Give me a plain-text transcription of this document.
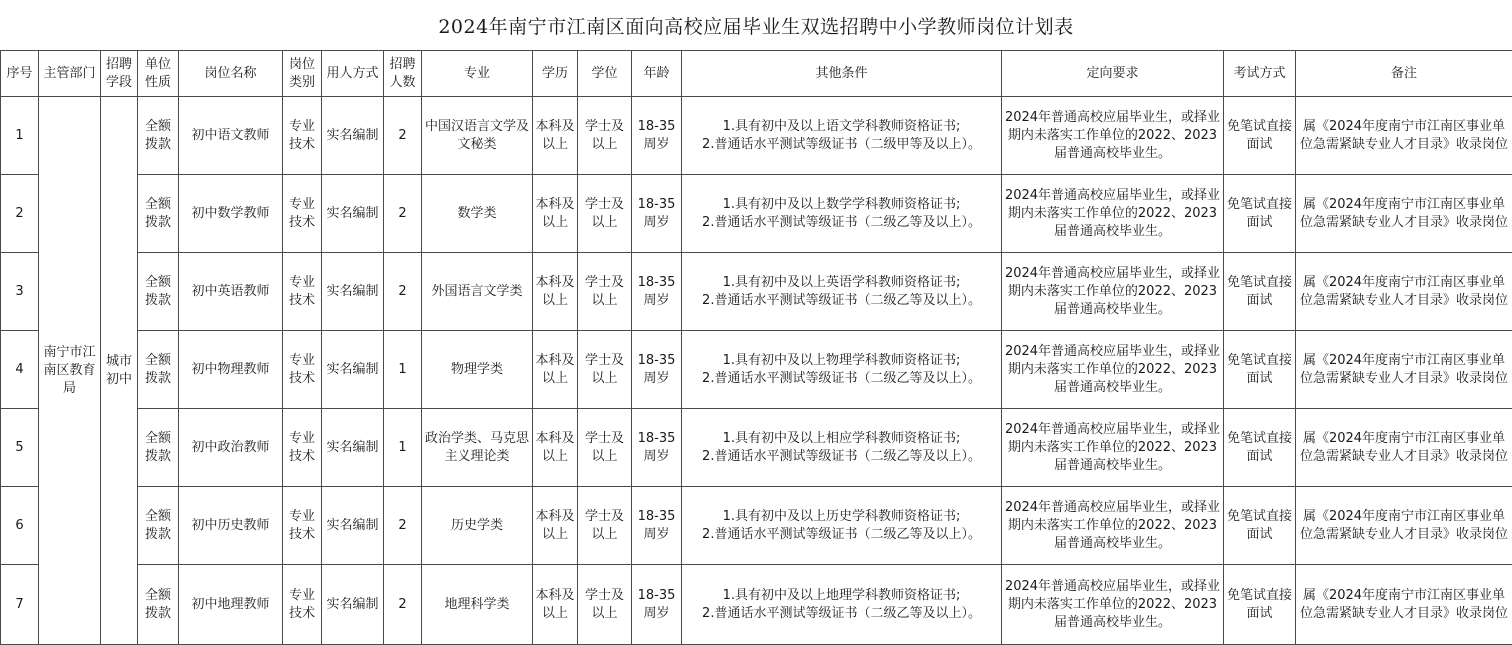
2024年南宁市江南区面向高校应届毕业生双选招聘中小学教师岗位计划表
序号	主管部门	招聘学段	单位性质	岗位名称	岗位类别	用人方式	招聘人数	专业	学历	学位	年龄	其他条件	定向要求	考试方式	备注
1	南宁市江南区教育局	城市初中	全额拨款	初中语文教师	专业技术	实名编制	2	中国汉语言文学及文秘类	本科及以上	学士及以上	18-35周岁	1.具有初中及以上语文学科教师资格证书;
2.普通话水平测试等级证书（二级甲等及以上）。	2024年普通高校应届毕业生，或择业期内未落实工作单位的2022、2023届普通高校毕业生。	免笔试直接面试	属《2024年度南宁市江南区事业单位急需紧缺专业人才目录》收录岗位
2			全额拨款	初中数学教师	专业技术	实名编制	2	数学类	本科及以上	学士及以上	18-35周岁	1.具有初中及以上数学学科教师资格证书;
2.普通话水平测试等级证书（二级乙等及以上）。	2024年普通高校应届毕业生，或择业期内未落实工作单位的2022、2023届普通高校毕业生。	免笔试直接面试	属《2024年度南宁市江南区事业单位急需紧缺专业人才目录》收录岗位
3			全额拨款	初中英语教师	专业技术	实名编制	2	外国语言文学类	本科及以上	学士及以上	18-35周岁	1.具有初中及以上英语学科教师资格证书;
2.普通话水平测试等级证书（二级乙等及以上）。	2024年普通高校应届毕业生，或择业期内未落实工作单位的2022、2023届普通高校毕业生。	免笔试直接面试	属《2024年度南宁市江南区事业单位急需紧缺专业人才目录》收录岗位
4			全额拨款	初中物理教师	专业技术	实名编制	1	物理学类	本科及以上	学士及以上	18-35周岁	1.具有初中及以上物理学科教师资格证书;
2.普通话水平测试等级证书（二级乙等及以上）。	2024年普通高校应届毕业生，或择业期内未落实工作单位的2022、2023届普通高校毕业生。	免笔试直接面试	属《2024年度南宁市江南区事业单位急需紧缺专业人才目录》收录岗位
5			全额拨款	初中政治教师	专业技术	实名编制	1	政治学类、马克思主义理论类	本科及以上	学士及以上	18-35周岁	1.具有初中及以上相应学科教师资格证书;
2.普通话水平测试等级证书（二级乙等及以上）。	2024年普通高校应届毕业生，或择业期内未落实工作单位的2022、2023届普通高校毕业生。	免笔试直接面试	属《2024年度南宁市江南区事业单位急需紧缺专业人才目录》收录岗位
6			全额拨款	初中历史教师	专业技术	实名编制	2	历史学类	本科及以上	学士及以上	18-35周岁	1.具有初中及以上历史学科教师资格证书;
2.普通话水平测试等级证书（二级乙等及以上）。	2024年普通高校应届毕业生，或择业期内未落实工作单位的2022、2023届普通高校毕业生。	免笔试直接面试	属《2024年度南宁市江南区事业单位急需紧缺专业人才目录》收录岗位
7			全额拨款	初中地理教师	专业技术	实名编制	2	地理科学类	本科及以上	学士及以上	18-35周岁	1.具有初中及以上地理学科教师资格证书;
2.普通话水平测试等级证书（二级乙等及以上）。	2024年普通高校应届毕业生，或择业期内未落实工作单位的2022、2023届普通高校毕业生。	免笔试直接面试	属《2024年度南宁市江南区事业单位急需紧缺专业人才目录》收录岗位
